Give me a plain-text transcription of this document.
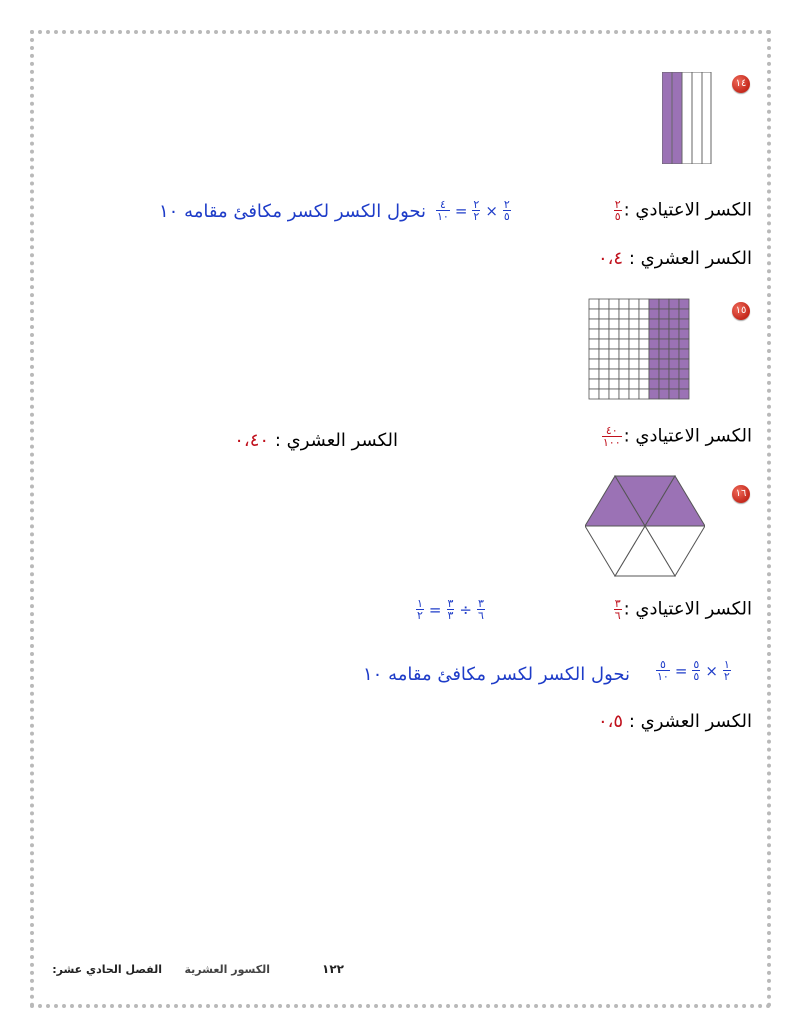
١٤
الكسر الاعتيادي :
$\frac{٢}{٥}$
$\frac{٤}{١٠} = \frac{٢}{٢} \times \frac{٢}{٥}$
نحول الكسر لكسر مكافئ مقامه ١٠
الكسر العشري : ٠،٤
١٥
الكسر الاعتيادي :
$\frac{٤٠}{١٠٠}$
الكسر العشري : ٠،٤٠
١٦
الكسر الاعتيادي :
$\frac{٣}{٦}$
$\frac{١}{٢} = \frac{٣}{٣} \div \frac{٣}{٦}$
$\frac{٥}{١٠} = \frac{٥}{٥} \times \frac{١}{٢}$
نحول الكسر لكسر مكافئ مقامه ١٠
الكسر العشري : ٠،٥
١٢٢
الفصل الحادي عشر: الكسور العشرية
